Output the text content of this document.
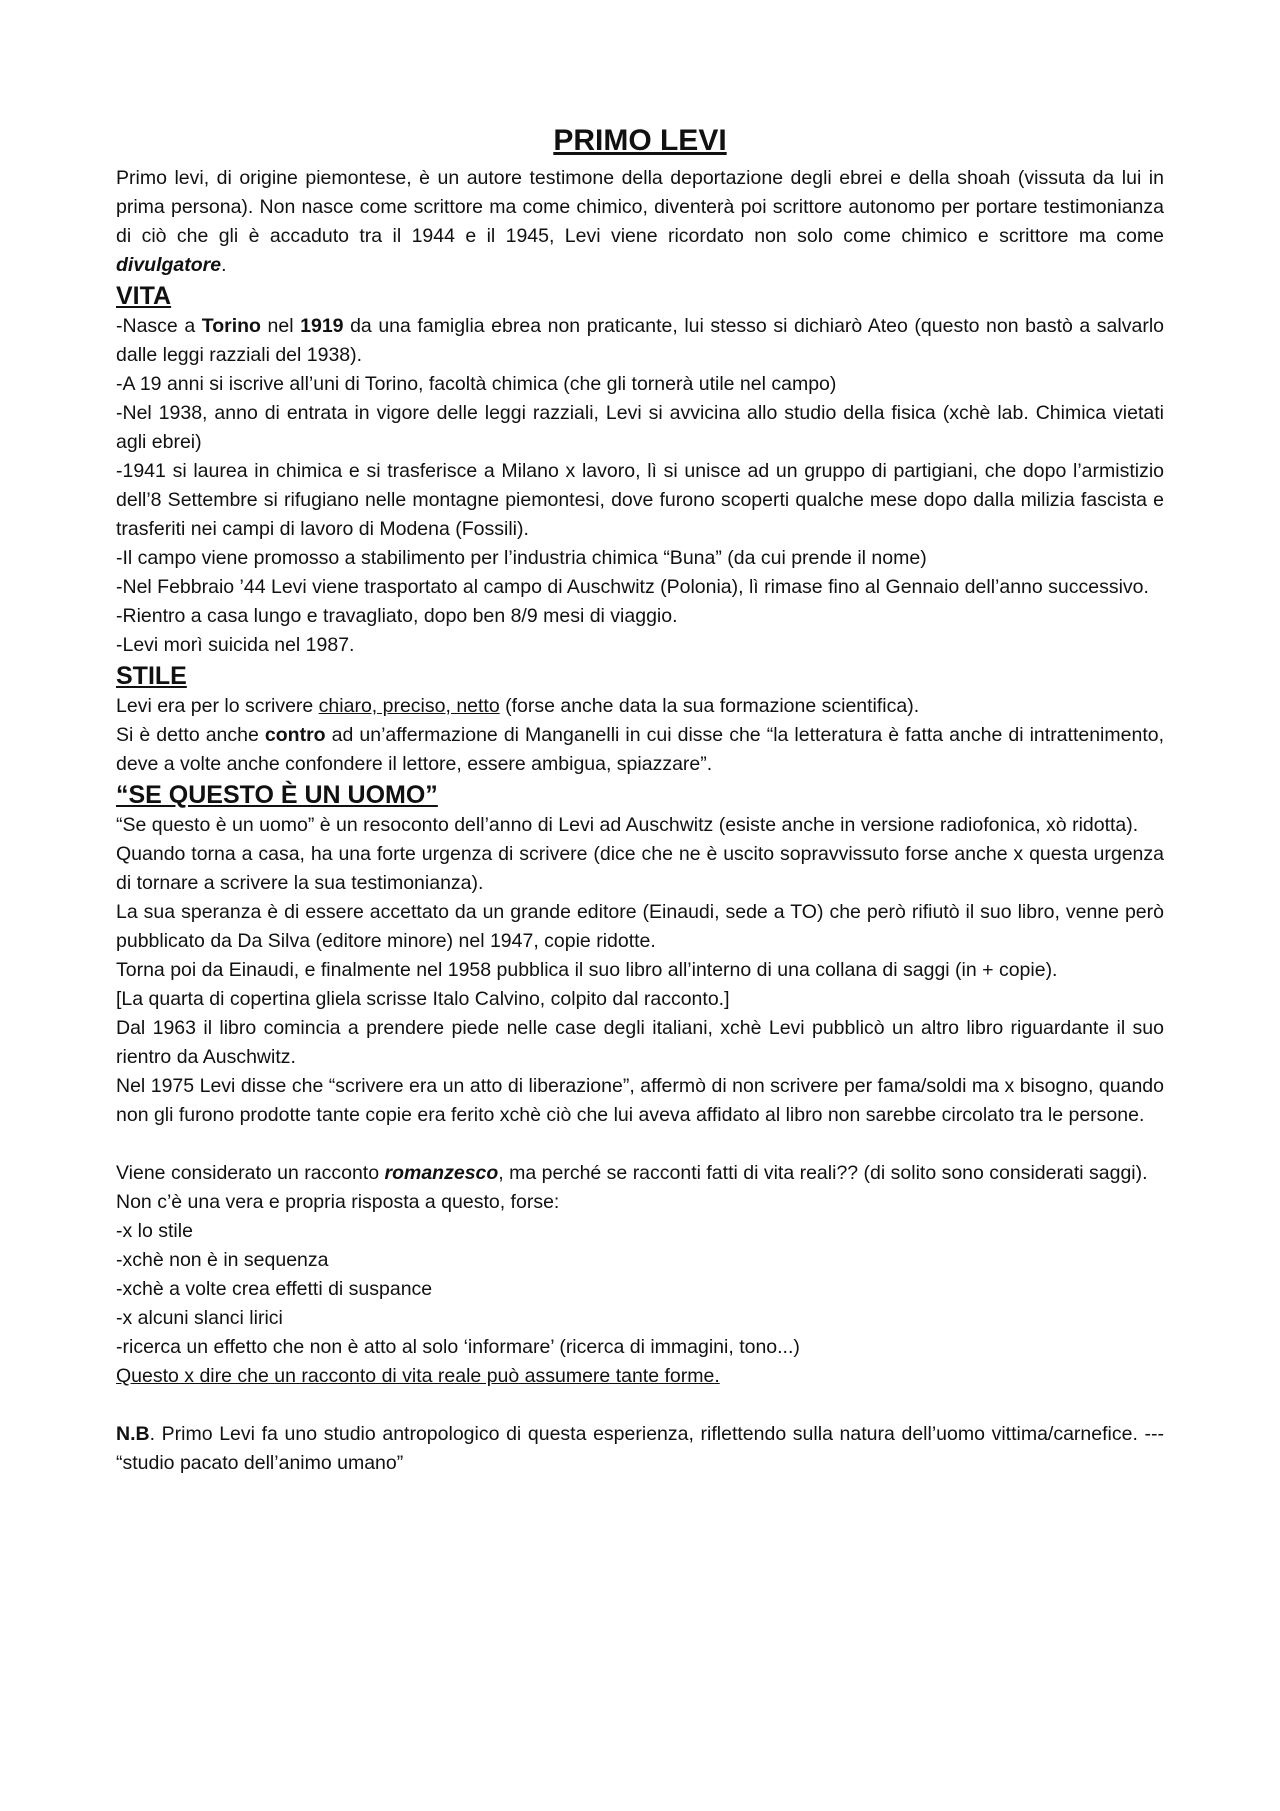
PRIMO LEVI

Primo levi, di origine piemontese, è un autore testimone della deportazione degli ebrei e della shoah (vissuta da lui in prima persona). Non nasce come scrittore ma come chimico, diventerà poi scrittore autonomo per portare testimonianza di ciò che gli è accaduto tra il 1944 e il 1945, Levi viene ricordato non solo come chimico e scrittore ma come divulgatore.

VITA

-Nasce a Torino nel 1919 da una famiglia ebrea non praticante, lui stesso si dichiarò Ateo (questo non bastò a salvarlo dalle leggi razziali del 1938).

-A 19 anni si iscrive all’uni di Torino, facoltà chimica (che gli tornerà utile nel campo)

-Nel 1938, anno di entrata in vigore delle leggi razziali, Levi si avvicina allo studio della fisica (xchè lab. Chimica vietati agli ebrei)

-1941 si laurea in chimica e si trasferisce a Milano x lavoro, lì si unisce ad un gruppo di partigiani, che dopo l’armistizio dell’8 Settembre si rifugiano nelle montagne piemontesi, dove furono scoperti qualche mese dopo dalla milizia fascista e trasferiti nei campi di lavoro di Modena (Fossili).

-Il campo viene promosso a stabilimento per l’industria chimica “Buna” (da cui prende il nome)

-Nel Febbraio ’44 Levi viene trasportato al campo di Auschwitz (Polonia), lì rimase fino al Gennaio dell’anno successivo.

-Rientro a casa lungo e travagliato, dopo ben 8/9 mesi di viaggio.

-Levi morì suicida nel 1987.

STILE

Levi era per lo scrivere chiaro, preciso, netto (forse anche data la sua formazione scientifica).

Si è detto anche contro ad un’affermazione di Manganelli in cui disse che “la letteratura è fatta anche di intrattenimento, deve a volte anche confondere il lettore, essere ambigua, spiazzare”.

“SE QUESTO È UN UOMO”

“Se questo è un uomo” è un resoconto dell’anno di Levi ad Auschwitz (esiste anche in versione radiofonica, xò ridotta).

Quando torna a casa, ha una forte urgenza di scrivere (dice che ne è uscito sopravvissuto forse anche x questa urgenza di tornare a scrivere la sua testimonianza).

La sua speranza è di essere accettato da un grande editore (Einaudi, sede a TO) che però rifiutò il suo libro, venne però pubblicato da Da Silva (editore minore) nel 1947, copie ridotte.

Torna poi da Einaudi, e finalmente nel 1958 pubblica il suo libro all’interno di una collana di saggi (in + copie).

[La quarta di copertina gliela scrisse Italo Calvino, colpito dal racconto.]

Dal 1963 il libro comincia a prendere piede nelle case degli italiani, xchè Levi pubblicò un altro libro riguardante il suo rientro da Auschwitz.

Nel 1975 Levi disse che “scrivere era un atto di liberazione”, affermò di non scrivere per fama/soldi ma x bisogno, quando non gli furono prodotte tante copie era ferito xchè ciò che lui aveva affidato al libro non sarebbe circolato tra le persone.

Viene considerato un racconto romanzesco, ma perché se racconti fatti di vita reali?? (di solito sono considerati saggi).

Non c’è una vera e propria risposta a questo, forse:

-x lo stile

-xchè non è in sequenza

-xchè a volte crea effetti di suspance

-x alcuni slanci lirici

-ricerca un effetto che non è atto al solo ‘informare’ (ricerca di immagini, tono...)

Questo x dire che un racconto di vita reale può assumere tante forme.

N.B. Primo Levi fa uno studio antropologico di questa esperienza, riflettendo sulla natura dell’uomo vittima/carnefice. --- “studio pacato dell’animo umano”
